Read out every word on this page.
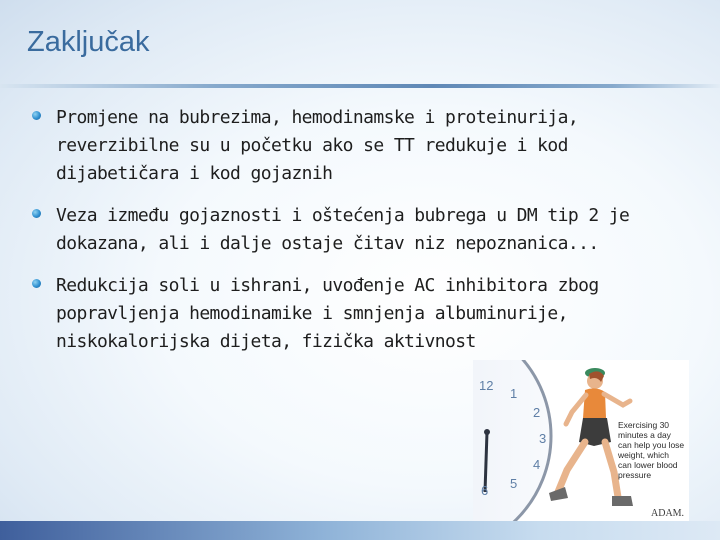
Zaključak
Promjene na bubrezima, hemodinamske i proteinurija, reverzibilne su u početku ako se TT redukuje i kod dijabetičara i kod gojaznih
Veza između gojaznosti i oštećenja bubrega u DM tip 2 je dokazana, ali i dalje ostaje čitav niz nepoznanica...
Redukcija soli u ishrani, uvođenje AC inhibitora zbog popravljenja hemodinamike i smnjenja albuminurije, niskokalorijska dijeta, fizička aktivnost
12
1
2
3
4
5
6
Exercising 30 minutes a day can help you lose weight, which can lower blood pressure
ADAM.
